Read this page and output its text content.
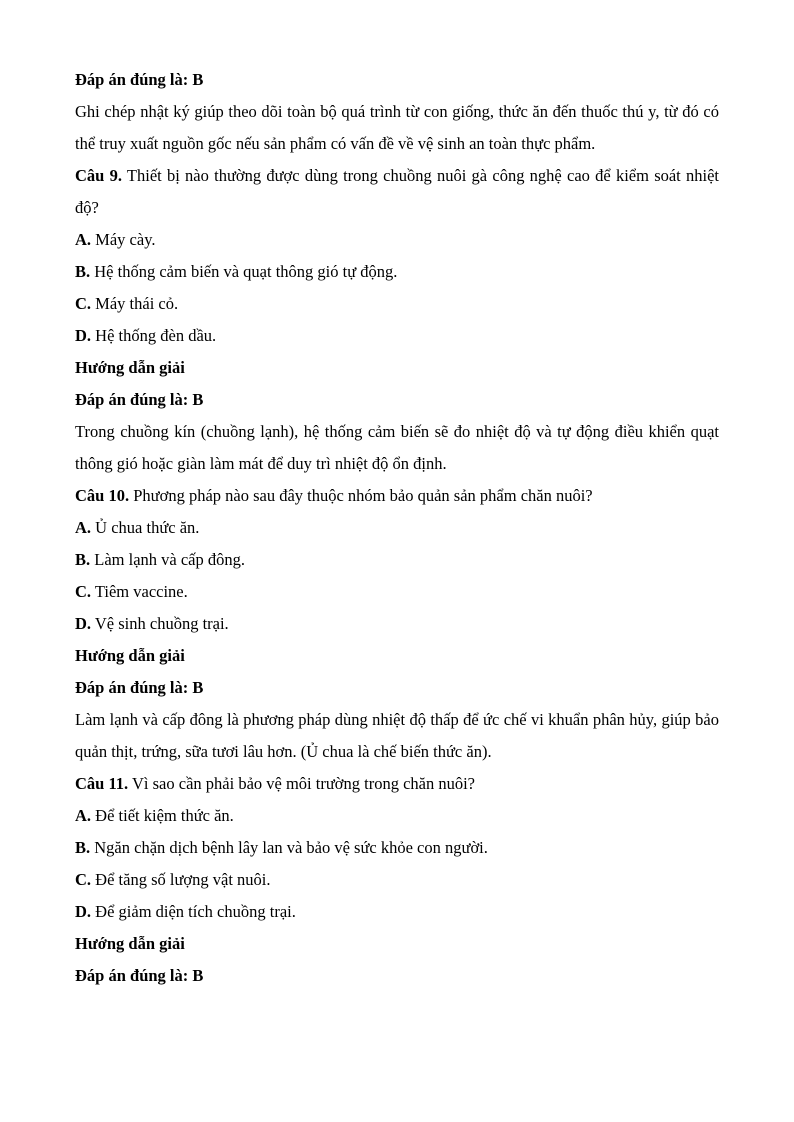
Đáp án đúng là: B

Ghi chép nhật ký giúp theo dõi toàn bộ quá trình từ con giống, thức ăn đến thuốc thú y, từ đó có thể truy xuất nguồn gốc nếu sản phẩm có vấn đề về vệ sinh an toàn thực phẩm.

Câu 9. Thiết bị nào thường được dùng trong chuồng nuôi gà công nghệ cao để kiểm soát nhiệt độ?

A. Máy cày.

B. Hệ thống cảm biến và quạt thông gió tự động.

C. Máy thái cỏ.

D. Hệ thống đèn dầu.

Hướng dẫn giải

Đáp án đúng là: B

Trong chuồng kín (chuồng lạnh), hệ thống cảm biến sẽ đo nhiệt độ và tự động điều khiển quạt thông gió hoặc giàn làm mát để duy trì nhiệt độ ổn định.

Câu 10. Phương pháp nào sau đây thuộc nhóm bảo quản sản phẩm chăn nuôi?

A. Ủ chua thức ăn.

B. Làm lạnh và cấp đông.

C. Tiêm vaccine.

D. Vệ sinh chuồng trại.

Hướng dẫn giải

Đáp án đúng là: B

Làm lạnh và cấp đông là phương pháp dùng nhiệt độ thấp để ức chế vi khuẩn phân hủy, giúp bảo quản thịt, trứng, sữa tươi lâu hơn. (Ủ chua là chế biến thức ăn).

Câu 11. Vì sao cần phải bảo vệ môi trường trong chăn nuôi?

A. Để tiết kiệm thức ăn.

B. Ngăn chặn dịch bệnh lây lan và bảo vệ sức khỏe con người.

C. Để tăng số lượng vật nuôi.

D. Để giảm diện tích chuồng trại.

Hướng dẫn giải

Đáp án đúng là: B
